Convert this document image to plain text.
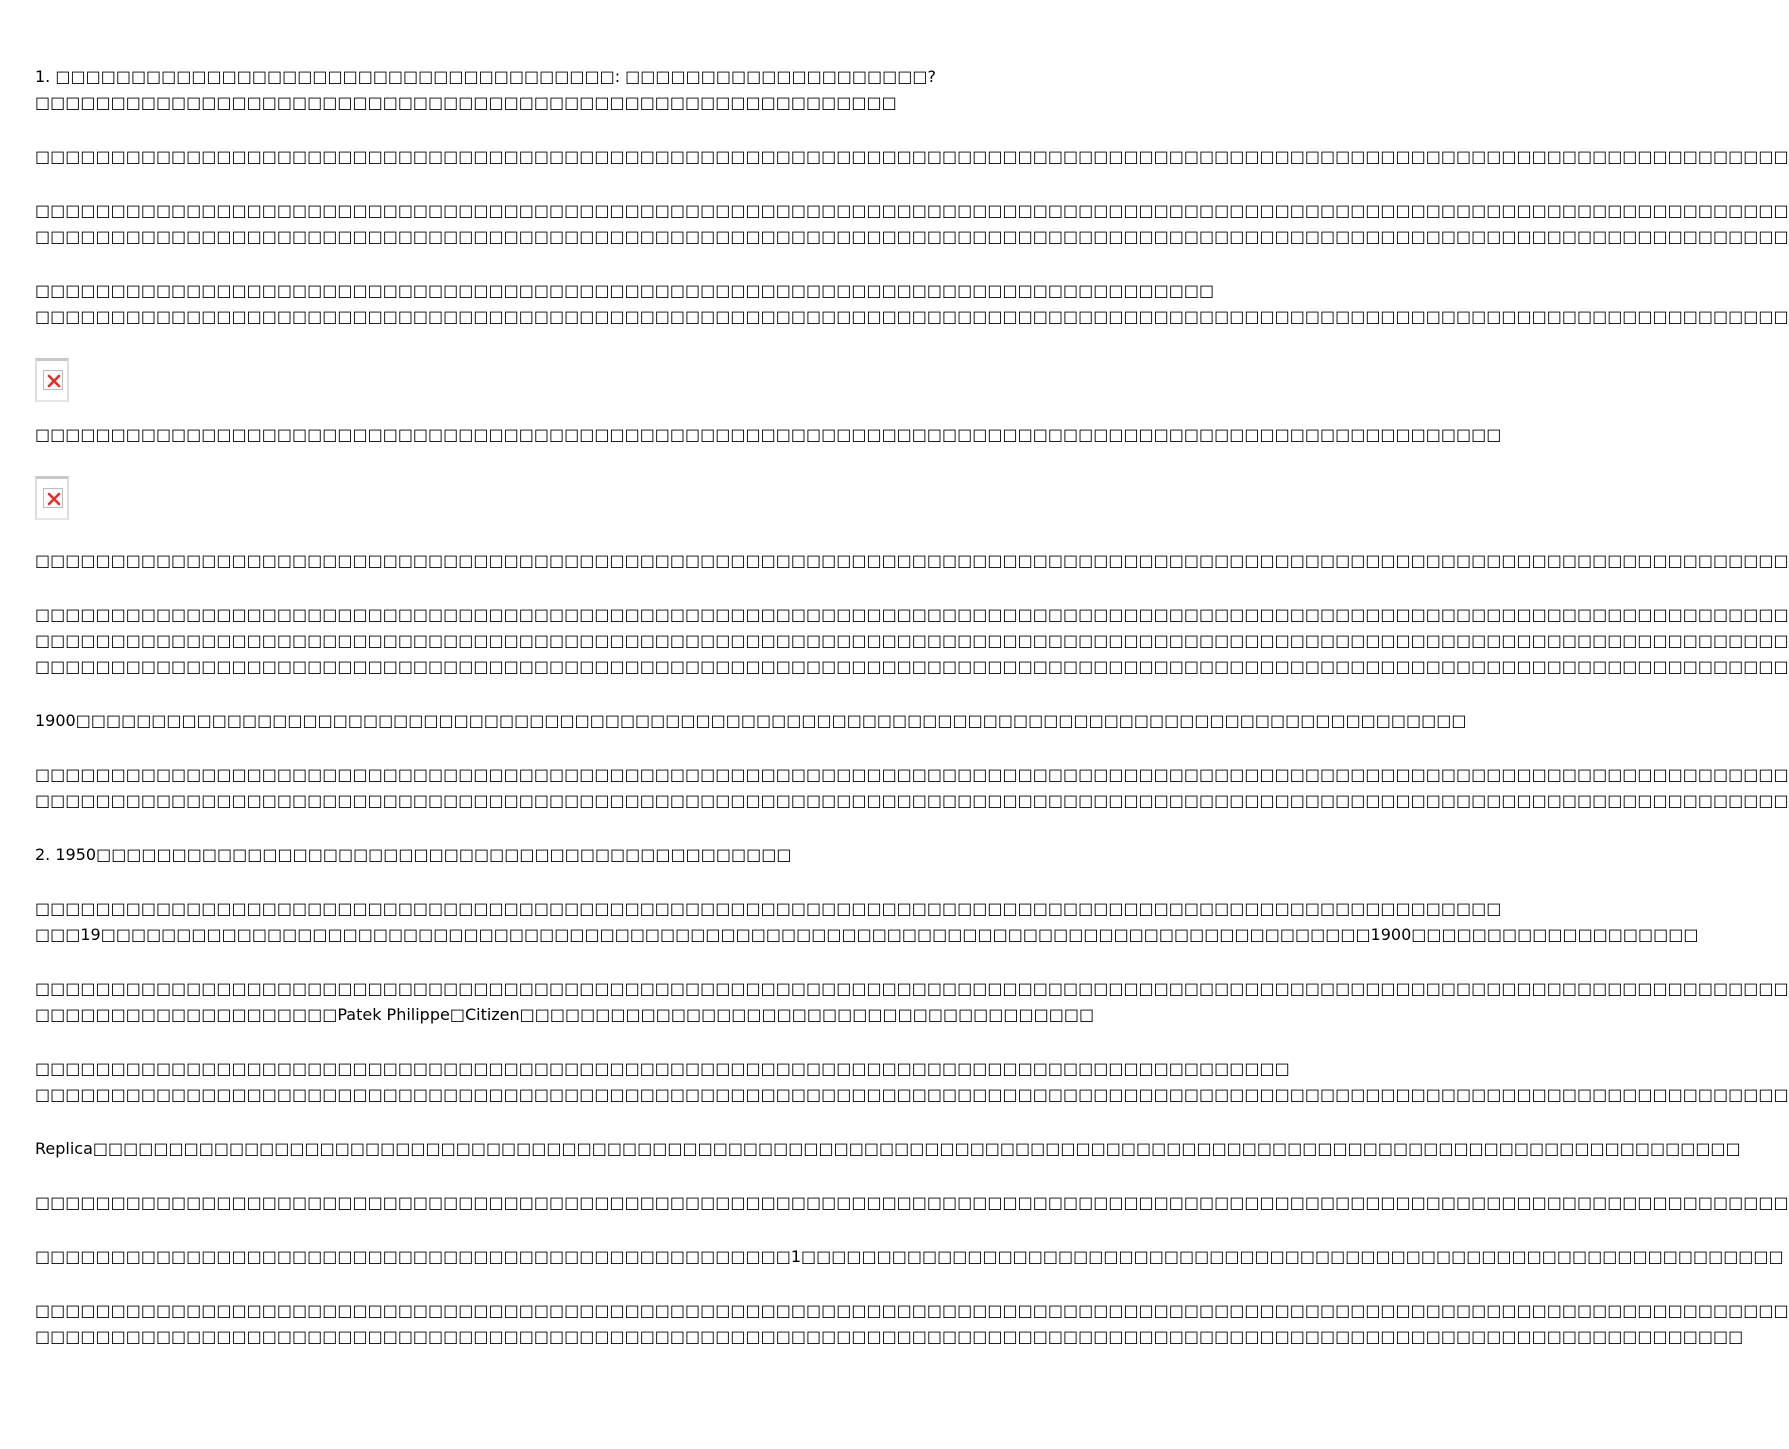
1. □□□□□□□□□□□□□□□□□□□□□□□□□□□□□□□□□□□□□: □□□□□□□□□□□□□□□□□□□□?
□□□□□□□□□□□□□□□□□□□□□□□□□□□□□□□□□□□□□□□□□□□□□□□□□□□□□□□□□
□□□□□□□□□□□□□□□□□□□□□□□□□□□□□□□□□□□□□□□□□□□□□□□□□□□□□□□□□□□□□□□□□□□□□□□□□□□□□□□□□□□□□□□□□□□□□□□□□□□□□□□□□□□□□□□□□□□□
□□□□□□□□□□□□□□□□□□□□□□□□□□□□□□□□□□□□□□□□□□□□□□□□□□□□□□□□□□□□□□□□□□□□□□□□□□□□□□□□□□□□□□□□□□□□□□□□□□□□□□□□□□□□□□□□□□□□
□□□□□□□□□□□□□□□□□□□□□□□□□□□□□□□□□□□□□□□□□□□□□□□□□□□□□□□□□□□□□□□□□□□□□□□□□□□□□□□□□□□□□□□□□□□□□□□□□□□□□□□□□□□□□□□□□□□□
□□□□□□□□□□□□□□□□□□□□□□□□□□□□□□□□□□□□□□□□□□□□□□□□□□□□□□□□□□□□□□□□□□□□□□□□□□□□□□
□□□□□□□□□□□□□□□□□□□□□□□□□□□□□□□□□□□□□□□□□□□□□□□□□□□□□□□□□□□□□□□□□□□□□□□□□□□□□□□□□□□□□□□□□□□□□□□□□□□□□□□□□□□□□□□□□□□□
□□□□□□□□□□□□□□□□□□□□□□□□□□□□□□□□□□□□□□□□□□□□□□□□□□□□□□□□□□□□□□□□□□□□□□□□□□□□□□□□□□□□□□□□□□□□□□□□□
□□□□□□□□□□□□□□□□□□□□□□□□□□□□□□□□□□□□□□□□□□□□□□□□□□□□□□□□□□□□□□□□□□□□□□□□□□□□□□□□□□□□□□□□□□□□□□□□□□□□□□□□□□□□□□□□□□□□
□□□□□□□□□□□□□□□□□□□□□□□□□□□□□□□□□□□□□□□□□□□□□□□□□□□□□□□□□□□□□□□□□□□□□□□□□□□□□□□□□□□□□□□□□□□□□□□□□□□□□□□□□□□□□□□□□□□□
□□□□□□□□□□□□□□□□□□□□□□□□□□□□□□□□□□□□□□□□□□□□□□□□□□□□□□□□□□□□□□□□□□□□□□□□□□□□□□□□□□□□□□□□□□□□□□□□□□□□□□□□□□□□□□□□□□□□
□□□□□□□□□□□□□□□□□□□□□□□□□□□□□□□□□□□□□□□□□□□□□□□□□□□□□□□□□□□□□□□□□□□□□□□□□□□□□□□□□□□□□□□□□□□□□□□□□□□□□□□□□□□□□□□□□□□□
1900□□□□□□□□□□□□□□□□□□□□□□□□□□□□□□□□□□□□□□□□□□□□□□□□□□□□□□□□□□□□□□□□□□□□□□□□□□□□□□□□□□□□□□□□□□□□
□□□□□□□□□□□□□□□□□□□□□□□□□□□□□□□□□□□□□□□□□□□□□□□□□□□□□□□□□□□□□□□□□□□□□□□□□□□□□□□□□□□□□□□□□□□□□□□□□□□□□□□□□□□□□□□□□□□□
□□□□□□□□□□□□□□□□□□□□□□□□□□□□□□□□□□□□□□□□□□□□□□□□□□□□□□□□□□□□□□□□□□□□□□□□□□□□□□□□□□□□□□□□□□□□□□□□□□□□□□□□□□□□□□□□□□□□
2. 1950□□□□□□□□□□□□□□□□□□□□□□□□□□□□□□□□□□□□□□□□□□□□□□
□□□□□□□□□□□□□□□□□□□□□□□□□□□□□□□□□□□□□□□□□□□□□□□□□□□□□□□□□□□□□□□□□□□□□□□□□□□□□□□□□□□□□□□□□□□□□□□□□
□□□19□□□□□□□□□□□□□□□□□□□□□□□□□□□□□□□□□□□□□□□□□□□□□□□□□□□□□□□□□□□□□□□□□□□□□□□□□□□□□□□□□□□□1900□□□□□□□□□□□□□□□□□□□
□□□□□□□□□□□□□□□□□□□□□□□□□□□□□□□□□□□□□□□□□□□□□□□□□□□□□□□□□□□□□□□□□□□□□□□□□□□□□□□□□□□□□□□□□□□□□□□□□□□□□□□□□□□□□□□□□□□□
□□□□□□□□□□□□□□□□□□□□Patek Philippe□Citizen□□□□□□□□□□□□□□□□□□□□□□□□□□□□□□□□□□□□□□
□□□□□□□□□□□□□□□□□□□□□□□□□□□□□□□□□□□□□□□□□□□□□□□□□□□□□□□□□□□□□□□□□□□□□□□□□□□□□□□□□□□
□□□□□□□□□□□□□□□□□□□□□□□□□□□□□□□□□□□□□□□□□□□□□□□□□□□□□□□□□□□□□□□□□□□□□□□□□□□□□□□□□□□□□□□□□□□□□□□□□□□□□□□□□□□□□□□□□□□□
Replica□□□□□□□□□□□□□□□□□□□□□□□□□□□□□□□□□□□□□□□□□□□□□□□□□□□□□□□□□□□□□□□□□□□□□□□□□□□□□□□□□□□□□□□□□□□□□□□□□□□□□□□□□□□□□
□□□□□□□□□□□□□□□□□□□□□□□□□□□□□□□□□□□□□□□□□□□□□□□□□□□□□□□□□□□□□□□□□□□□□□□□□□□□□□□□□□□□□□□□□□□□□□□□□□□□□□□□□□□□□□□□□□□□
□□□□□□□□□□□□□□□□□□□□□□□□□□□□□□□□□□□□□□□□□□□□□□□□□□1□□□□□□□□□□□□□□□□□□□□□□□□□□□□□□□□□□□□□□□□□□□□□□□□□□□□□□□□□□□□□□□□□
□□□□□□□□□□□□□□□□□□□□□□□□□□□□□□□□□□□□□□□□□□□□□□□□□□□□□□□□□□□□□□□□□□□□□□□□□□□□□□□□□□□□□□□□□□□□□□□□□□□□□□□□□□□□□□□□□□□□
□□□□□□□□□□□□□□□□□□□□□□□□□□□□□□□□□□□□□□□□□□□□□□□□□□□□□□□□□□□□□□□□□□□□□□□□□□□□□□□□□□□□□□□□□□□□□□□□□□□□□□□□□□□□□□□□□
